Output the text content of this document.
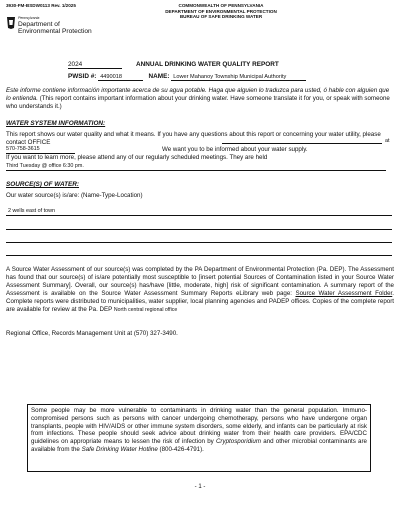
3930-FM-BSDW0113 Rev. 1/2025
Pennsylvania
Department of
Environmental Protection
COMMONWEALTH OF PENNSYLVANIA
DEPARTMENT OF ENVIRONMENTAL PROTECTION
BUREAU OF SAFE DRINKING WATER
2024	ANNUAL DRINKING WATER QUALITY REPORT
PWSID #: 4490018	NAME: Lower Mahanoy Township Municipal Authority
Este informe contiene información importante acerca de su agua potable. Haga que alguien lo traduzca para usted, ó hable con alguien que lo entienda. (This report contains important information about your drinking water. Have someone translate it for you, or speak with someone who understands it.)
WATER SYSTEM INFORMATION:
This report shows our water quality and what it means. If you have any questions about this report or concerning your water utility, please contact OFFICE	at
570-758-3615	We want you to be informed about your water supply.
If you want to learn more, please attend any of our regularly scheduled meetings. They are held
Third Tuesday @ office 6:30 pm.
SOURCE(S) OF WATER:
Our water source(s) is/are: (Name-Type-Location)
2 wells east of town
A Source Water Assessment of our source(s) was completed by the PA Department of Environmental Protection (Pa. DEP). The Assessment has found that our source(s) of is/are potentially most susceptible to [insert potential Sources of Contamination listed in your Source Water Assessment Summary]. Overall, our source(s) has/have [little, moderate, high] risk of significant contamination. A summary report of the Assessment is available on the Source Water Assessment Summary Reports eLibrary web page: Source Water Assessment Folder. Complete reports were distributed to municipalities, water supplier, local planning agencies and PADEP offices. Copies of the complete report are available for review at the Pa. DEP North central regional office
Regional Office, Records Management Unit at (570) 327-3490.
Some people may be more vulnerable to contaminants in drinking water than the general population. Immuno-compromised persons such as persons with cancer undergoing chemotherapy, persons who have undergone organ transplants, people with HIV/AIDS or other immune system disorders, some elderly, and infants can be particularly at risk from infections. These people should seek advice about drinking water from their health care providers. EPA/CDC guidelines on appropriate means to lessen the risk of infection by Cryptosporidium and other microbial contaminants are available from the Safe Drinking Water Hotline (800-426-4791).
- 1 -
